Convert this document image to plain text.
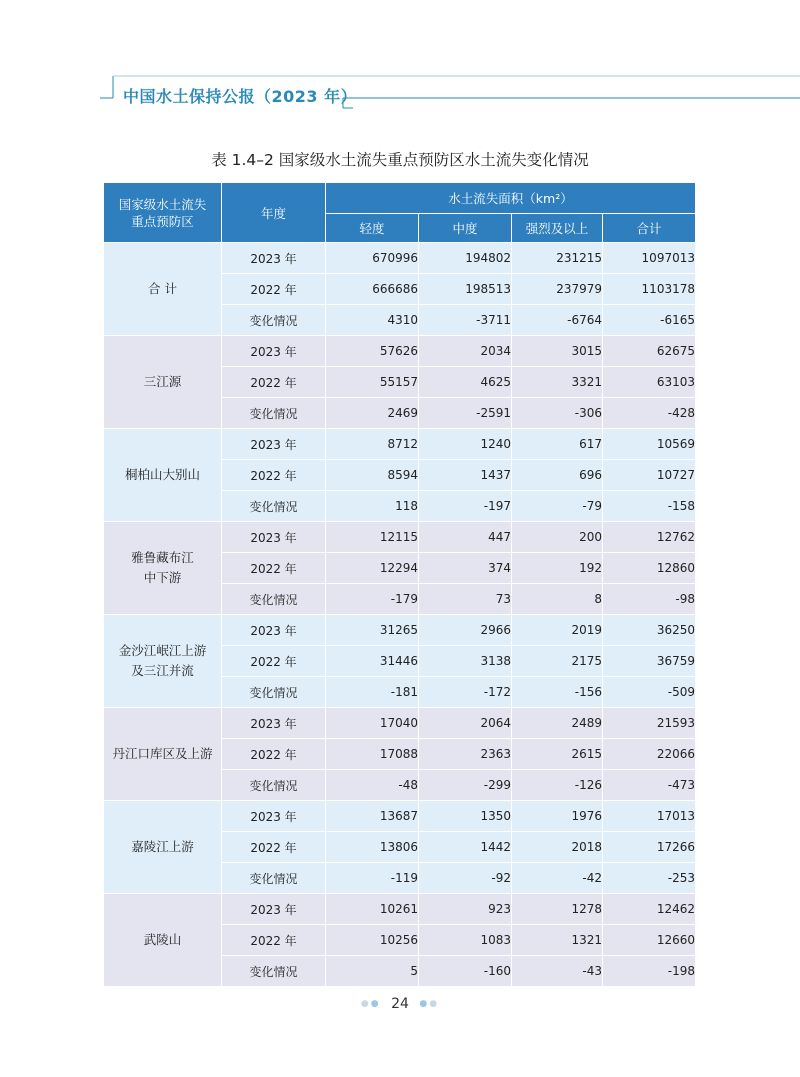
中国水土保持公报（2023 年）
表 1.4–2 国家级水土流失重点预防区水土流失变化情况
国家级水土流失
重点预防区	年度	水土流失面积（km²）			
		轻度	中度	强烈及以上	合计
合 计	2023 年	670996	194802	231215	1097013
	2022 年	666686	198513	237979	1103178
	变化情况	4310	-3711	-6764	-6165
三江源	2023 年	57626	2034	3015	62675
	2022 年	55157	4625	3321	63103
	变化情况	2469	-2591	-306	-428
桐柏山大别山	2023 年	8712	1240	617	10569
	2022 年	8594	1437	696	10727
	变化情况	118	-197	-79	-158
雅鲁藏布江
中下游	2023 年	12115	447	200	12762
	2022 年	12294	374	192	12860
	变化情况	-179	73	8	-98
金沙江岷江上游
及三江并流	2023 年	31265	2966	2019	36250
	2022 年	31446	3138	2175	36759
	变化情况	-181	-172	-156	-509
丹江口库区及上游	2023 年	17040	2064	2489	21593
	2022 年	17088	2363	2615	22066
	变化情况	-48	-299	-126	-473
嘉陵江上游	2023 年	13687	1350	1976	17013
	2022 年	13806	1442	2018	17266
	变化情况	-119	-92	-42	-253
武陵山	2023 年	10261	923	1278	12462
	2022 年	10256	1083	1321	12660
	变化情况	5	-160	-43	-198
●● 24 ●●
